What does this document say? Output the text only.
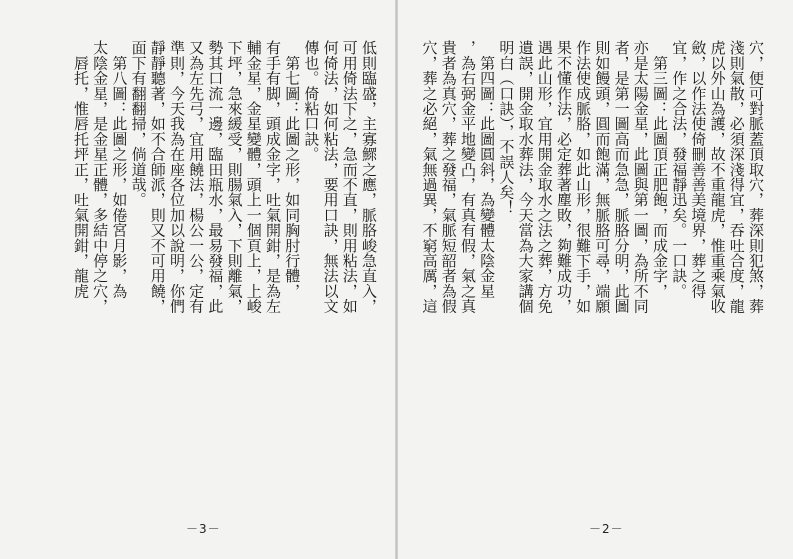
低則臨盛，主寡鰥之應，脈胳峻急直入，
可用倚法下之，急而不直，則用粘法，如
何倚法，如何粘法，要用口訣，無法以文
傳也。倚粘口訣。
　第七圖：此圖之形，如同胸肘行體，
有手有脚，頭成金字，吐氣開鉗，是為左
輔金星，金星變體，頭上一個頁上，上峻
下坪，急來緩受，則腸氣入，下則離氣，
勢其口流一邊，臨田瓶水，最易發福，此
又為左先弓，宜用饒法，楊公一公，定有
準則，今天我為在座各位加以說明，你們
靜靜聽著，如不合師派，則又不可用饒，
面下有翻翻掃，倘道哉。
　第八圖：此圖之形，如倦宮月影，為
太陰金星，是金星正體，多結中停之穴，
　唇托，惟唇托坪正，吐氣開鉗，龍虎
－3－
穴，便可對脈蓋頂取穴，葬深則犯煞，葬
淺則氣散，必須深淺得宜，吞吐合度，龍
虎以外山為護，故不重龍虎，惟重乘氣收
斂，以作法使倚刪善善美境界，葬之得
宜，作之合法，發福靜迅矣。一口訣。
　第三圖：此圖頂正肥飽，而成金字，
亦是太陽金星，此圖與第一圖，為所不同
者，是第一圖高而急急，脈胳分明，此圖
則如饅頭，圓而飽滿，無脈胳可尋，端願
作法使成脈胳，如此山形，很難下手，如
果不懂作法，必定葬著塵敗，夠難成功，
遇此山形，宜用開金取水之法之葬，方免
遺誤，開金取水葬法，今天當為大家講個
明白（口訣），不誤人矣！
　第四圖：此圖圓斜，為變體太陰金星
，為右弼金平地變凸，有真有假，氣之真
貴者為真穴，葬之發福，氣脈短韶者為假
穴，葬之必絕，氣無過異，不窮高厲，這
－2－
